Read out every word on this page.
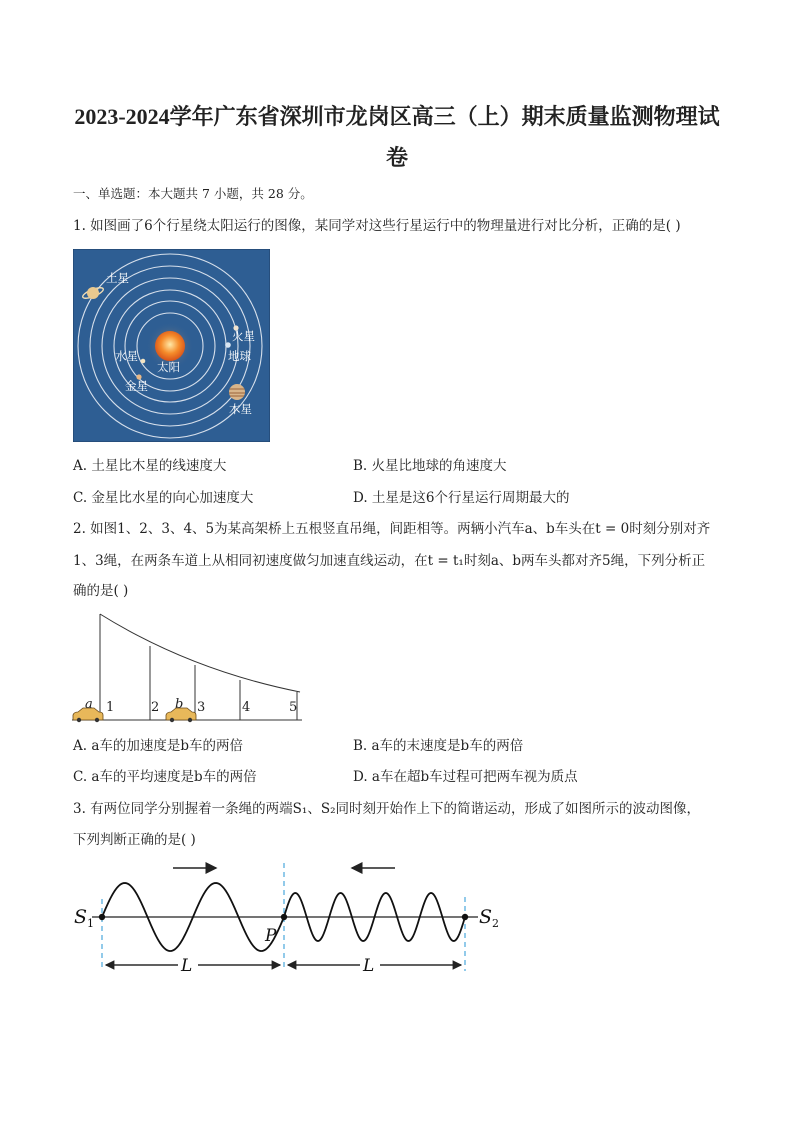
2023-2024学年广东省深圳市龙岗区高三（上）期末质量监测物理试
卷
一、单选题：本大题共 7 小题，共 28 分。
1. 如图画了6个行星绕太阳运行的图像，某同学对这些行星运行中的物理量进行对比分析，正确的是( )
土星
火星
地球
水星
太阳
金星
木星
A. 土星比木星的线速度大	B. 火星比地球的角速度大
C. 金星比水星的向心加速度大	D. 土星是这6个行星运行周期最大的
2. 如图1、2、3、4、5为某高架桥上五根竖直吊绳，间距相等。两辆小汽车a、b车头在t = 0时刻分别对齐
1、3绳，在两条车道上从相同初速度做匀加速直线运动，在t = t₁时刻a、b两车头都对齐5绳，下列分析正
确的是( )
a 1	2 b 3	4	5
A. a车的加速度是b车的两倍	B. a车的末速度是b车的两倍
C. a车的平均速度是b车的两倍	D. a车在超b车过程可把两车视为质点
3. 有两位同学分别握着一条绳的两端S₁、S₂同时刻开始作上下的简谐运动，形成了如图所示的波动图像，
下列判断正确的是( )
S 1	S 2
P
L	L
